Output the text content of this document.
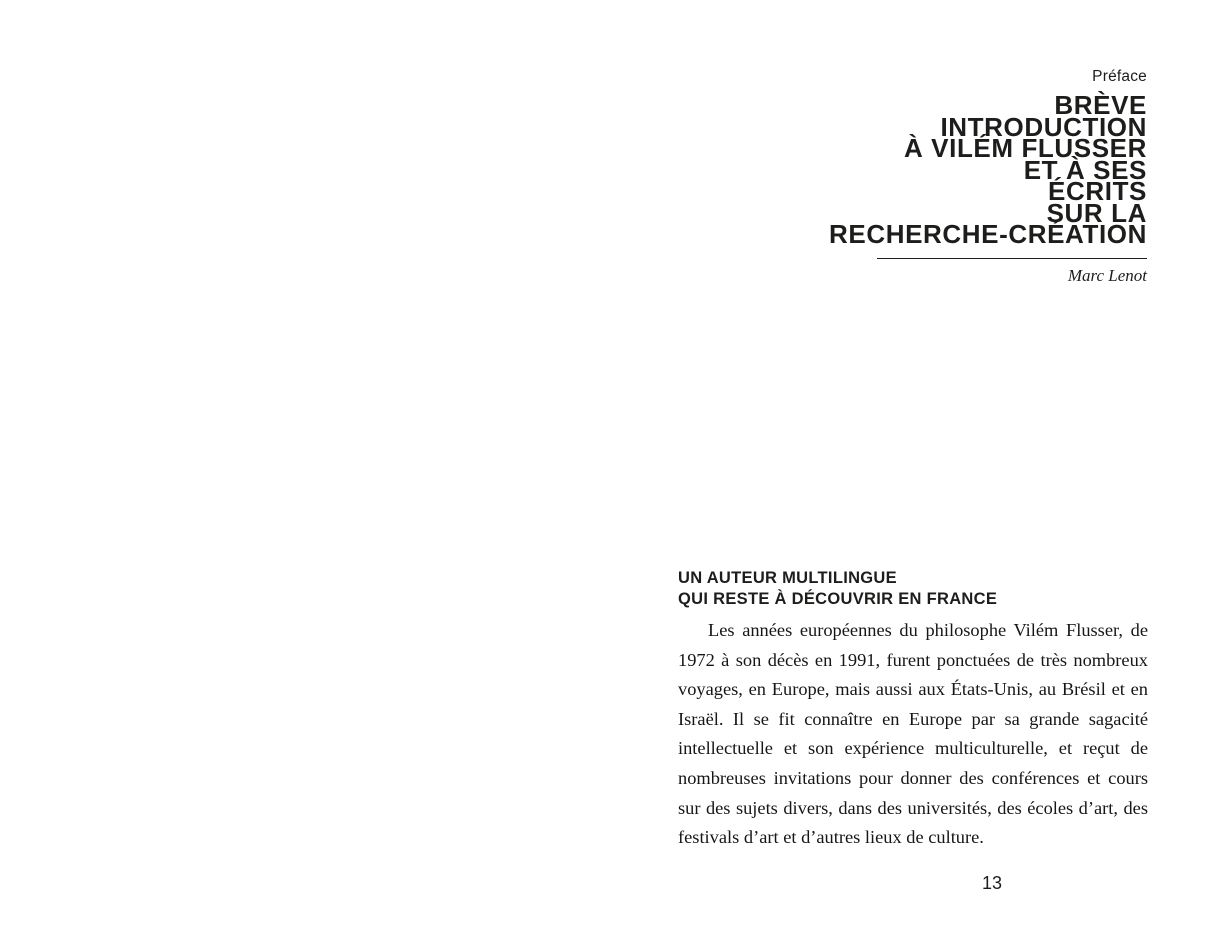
Préface

BRÈVE
INTRODUCTION
À VILÉM FLUSSER
ET À SES
ÉCRITS
SUR LA
RECHERCHE-CRÉATION

Marc Lenot

UN AUTEUR MULTILINGUE
QUI RESTE À DÉCOUVRIR EN FRANCE

Les années européennes du philosophe Vilém Flusser, de 1972 à son décès en 1991, furent ponctuées de très nombreux voyages, en Europe, mais aussi aux États-Unis, au Brésil et en Israël. Il se fit connaître en Europe par sa grande sagacité intellectuelle et son expérience multiculturelle, et reçut de nombreuses invitations pour donner des conférences et cours sur des sujets divers, dans des universités, des écoles d’art, des festivals d’art et d’autres lieux de culture.

13
